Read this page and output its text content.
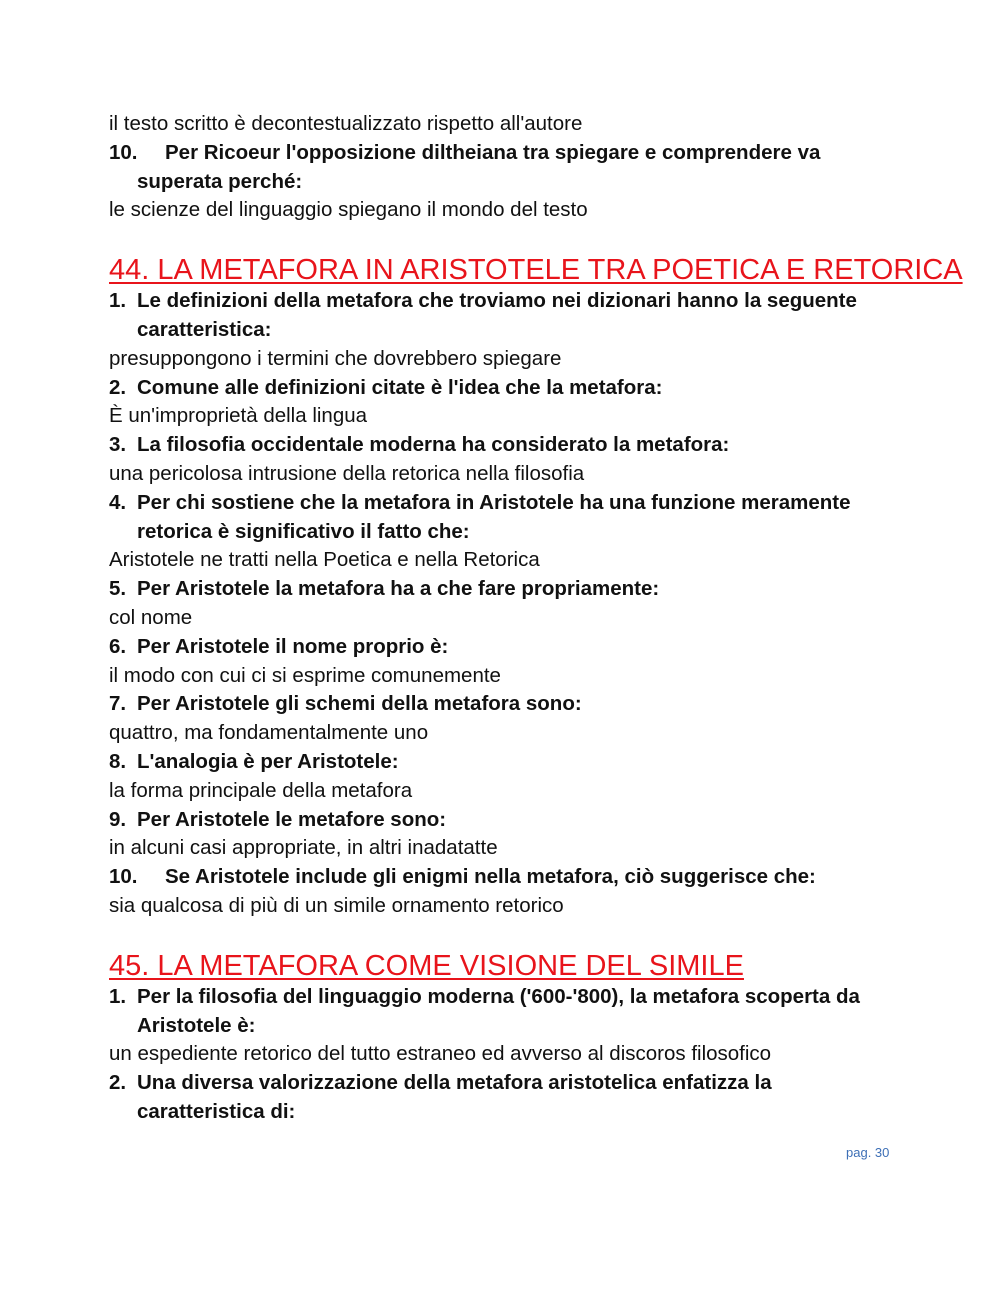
il testo scritto è decontestualizzato rispetto all'autore

10.	Per Ricoeur l'opposizione diltheiana tra spiegare e comprendere va
superata perché:

le scienze del linguaggio spiegano il mondo del testo

44. LA METAFORA IN ARISTOTELE TRA POETICA E RETORICA
1. Le definizioni della metafora che troviamo nei dizionari hanno la seguente
caratteristica:

presuppongono i termini che dovrebbero spiegare

2. Comune alle definizioni citate è l'idea che la metafora:

È un'improprietà della lingua

3. La filosofia occidentale moderna ha considerato la metafora:

una pericolosa intrusione della retorica nella filosofia

4. Per chi sostiene che la metafora in Aristotele ha una funzione meramente
retorica è significativo il fatto che:

Aristotele ne tratti nella Poetica e nella Retorica

5. Per Aristotele la metafora ha a che fare propriamente:

col nome

6. Per Aristotele il nome proprio è:

il modo con cui ci si esprime comunemente

7. Per Aristotele gli schemi della metafora sono:

quattro, ma fondamentalmente uno

8. L'analogia è per Aristotele:

la forma principale della metafora

9. Per Aristotele le metafore sono:

in alcuni casi appropriate, in altri inadatatte

10.	Se Aristotele include gli enigmi nella metafora, ciò suggerisce che:

sia qualcosa di più di un simile ornamento retorico

45. LA METAFORA COME VISIONE DEL SIMILE
1. Per la filosofia del linguaggio moderna ('600-'800), la metafora scoperta da
Aristotele è:

un espediente retorico del tutto estraneo ed avverso al discoros filosofico

2. Una diversa valorizzazione della metafora aristotelica enfatizza la
caratteristica di:
pag. 30
